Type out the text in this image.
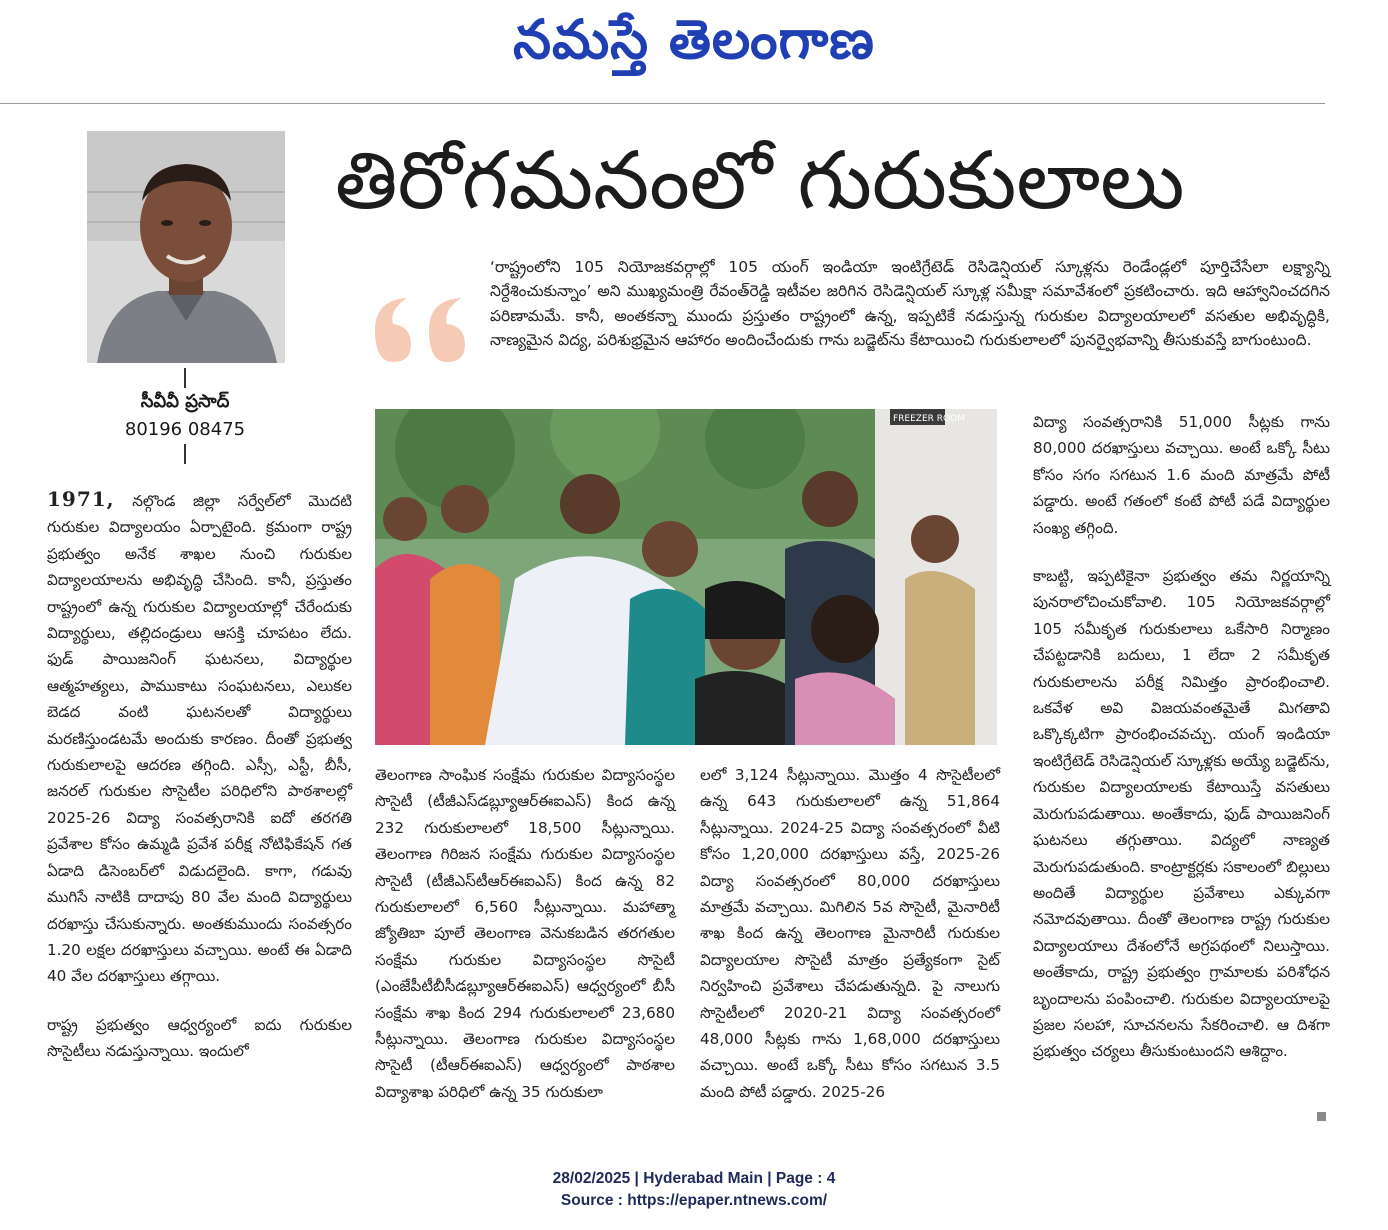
నమస్తే తెలంగాణ
తిరోగమనంలో గురుకులాలు
సీవీవీ ప్రసాద్
80196 08475

‘రాష్ట్రంలోని 105 నియోజకవర్గాల్లో 105 యంగ్ ఇండియా ఇంటిగ్రేటెడ్ రెసిడెన్షియల్ స్కూళ్లను రెండేండ్లలో పూర్తిచేసేలా లక్ష్యాన్ని నిర్దేశించుకున్నాం’ అని ముఖ్యమంత్రి రేవంత్‌రెడ్డి ఇటీవల జరిగిన రెసిడెన్షియల్ స్కూళ్ల సమీక్షా సమావేశంలో ప్రకటించారు. ఇది ఆహ్వానించదగిన పరిణామమే. కానీ, అంతకన్నా ముందు ప్రస్తుతం రాష్ట్రంలో ఉన్న, ఇప్పటికే నడుస్తున్న గురుకుల విద్యాలయాలలో వసతుల అభివృద్ధికి, నాణ్యమైన విద్య, పరిశుభ్రమైన ఆహారం అందించేందుకు గాను బడ్జెట్‌ను కేటాయించి గురుకులాలలో పునర్వైభవాన్ని తీసుకువస్తే బాగుంటుంది.

FREEZER ROOM

1971, నల్గొండ జిల్లా సర్వేల్‌లో మొదటి గురుకుల విద్యాలయం ఏర్పాటైంది. క్రమంగా రాష్ట్ర ప్రభుత్వం అనేక శాఖల నుంచి గురుకుల విద్యాలయాలను అభివృద్ధి చేసింది. కానీ, ప్రస్తుతం రాష్ట్రంలో ఉన్న గురుకుల విద్యాలయాల్లో చేరేందుకు విద్యార్థులు, తల్లిదండ్రులు ఆసక్తి చూపటం లేదు. ఫుడ్ పాయిజనింగ్ ఘటనలు, విద్యార్థుల ఆత్మహత్యలు, పాముకాటు సంఘటనలు, ఎలుకల బెడద వంటి ఘటనలతో విద్యార్థులు మరణిస్తుండటమే అందుకు కారణం. దీంతో ప్రభుత్వ గురుకులాలపై ఆదరణ తగ్గింది. ఎస్సీ, ఎస్టీ, బీసీ, జనరల్ గురుకుల సొసైటీల పరిధిలోని పాఠశాలల్లో 2025-26 విద్యా సంవత్సరానికి ఐదో తరగతి ప్రవేశాల కోసం ఉమ్మడి ప్రవేశ పరీక్ష నోటిఫికేషన్ గత ఏడాది డిసెంబర్‌లో విడుదలైంది. కాగా, గడువు ముగిసే నాటికి దాదాపు 80 వేల మంది విద్యార్థులు దరఖాస్తు చేసుకున్నారు. అంతకుముందు సంవత్సరం 1.20 లక్షల దరఖాస్తులు వచ్చాయి. అంటే ఈ ఏడాది 40 వేల దరఖాస్తులు తగ్గాయి.

రాష్ట్ర ప్రభుత్వం ఆధ్వర్యంలో ఐదు గురుకుల సొసైటీలు నడుస్తున్నాయి. ఇందులో

తెలంగాణ సాంఘిక సంక్షేమ గురుకుల విద్యాసంస్థల సొసైటీ (టీజీఎస్‌డబ్ల్యూఆర్ఈఐఎస్) కింద ఉన్న 232 గురుకులాలలో 18,500 సీట్లున్నాయి. తెలంగాణ గిరిజన సంక్షేమ గురుకుల విద్యాసంస్థల సొసైటీ (టీజీఎస్‌టీఆర్ఈఐఎస్) కింద ఉన్న 82 గురుకులాలలో 6,560 సీట్లున్నాయి. మహాత్మా జ్యోతిబా పూలే తెలంగాణ వెనుకబడిన తరగతుల సంక్షేమ గురుకుల విద్యాసంస్థల సొసైటీ (ఎంజేపీటీబీసీడబ్ల్యూఆర్ఈఐఎస్) ఆధ్వర్యంలో బీసీ సంక్షేమ శాఖ కింద 294 గురుకులాలలో 23,680 సీట్లున్నాయి. తెలంగాణ గురుకుల విద్యాసంస్థల సొసైటీ (టీఆర్ఈఐఎస్) ఆధ్వర్యంలో పాఠశాల విద్యాశాఖ పరిధిలో ఉన్న 35 గురుకులా

లలో 3,124 సీట్లున్నాయి. మొత్తం 4 సొసైటీలలో ఉన్న 643 గురుకులాలలో ఉన్న 51,864 సీట్లున్నాయి. 2024-25 విద్యా సంవత్సరంలో వీటి కోసం 1,20,000 దరఖాస్తులు వస్తే, 2025-26 విద్యా సంవత్సరంలో 80,000 దరఖాస్తులు మాత్రమే వచ్చాయి. మిగిలిన 5వ సొసైటీ, మైనారిటీ శాఖ కింద ఉన్న తెలంగాణ మైనారిటీ గురుకుల విద్యాలయాల సొసైటీ మాత్రం ప్రత్యేకంగా సైట్ నిర్వహించి ప్రవేశాలు చేపడుతున్నది. పై నాలుగు సొసైటీలలో 2020-21 విద్యా సంవత్సరంలో 48,000 సీట్లకు గాను 1,68,000 దరఖాస్తులు వచ్చాయి. అంటే ఒక్కో సీటు కోసం సగటున 3.5 మంది పోటీ పడ్డారు. 2025-26

విద్యా సంవత్సరానికి 51,000 సీట్లకు గాను 80,000 దరఖాస్తులు వచ్చాయి. అంటే ఒక్కో సీటు కోసం సగం సగటున 1.6 మంది మాత్రమే పోటీ పడ్డారు. అంటే గతంలో కంటే పోటీ పడే విద్యార్థుల సంఖ్య తగ్గింది.

కాబట్టి, ఇప్పటికైనా ప్రభుత్వం తమ నిర్ణయాన్ని పునరాలోచించుకోవాలి. 105 నియోజకవర్గాల్లో 105 సమీకృత గురుకులాలు ఒకేసారి నిర్మాణం చేపట్టడానికి బదులు, 1 లేదా 2 సమీకృత గురుకులాలను పరీక్ష నిమిత్తం ప్రారంభించాలి. ఒకవేళ అవి విజయవంతమైతే మిగతావి ఒక్కొక్కటిగా ప్రారంభించవచ్చు. యంగ్ ఇండియా ఇంటిగ్రేటెడ్ రెసిడెన్షియల్ స్కూళ్లకు అయ్యే బడ్జెట్‌ను, గురుకుల విద్యాలయాలకు కేటాయిస్తే వసతులు మెరుగుపడుతాయి. అంతేకాదు, ఫుడ్ పాయిజనింగ్ ఘటనలు తగ్గుతాయి. విద్యలో నాణ్యత మెరుగుపడుతుంది. కాంట్రాక్టర్లకు సకాలంలో బిల్లులు అందితే విద్యార్థుల ప్రవేశాలు ఎక్కువగా నమోదవుతాయి. దీంతో తెలంగాణ రాష్ట్ర గురుకుల విద్యాలయాలు దేశంలోనే అగ్రపథంలో నిలుస్తాయి. అంతేకాదు, రాష్ట్ర ప్రభుత్వం గ్రామాలకు పరిశోధన బృందాలను పంపించాలి. గురుకుల విద్యాలయాలపై ప్రజల సలహా, సూచనలను సేకరించాలి. ఆ దిశగా ప్రభుత్వం చర్యలు తీసుకుంటుందని ఆశిద్దాం.

28/02/2025 | Hyderabad Main | Page : 4
Source : https://epaper.ntnews.com/
